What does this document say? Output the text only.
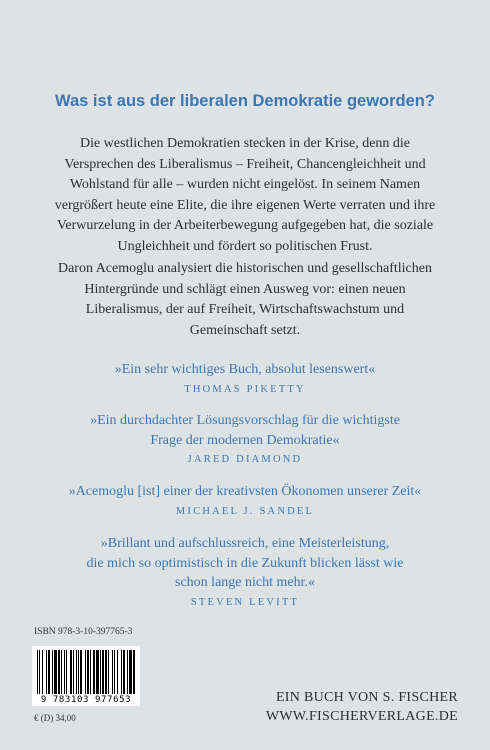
Was ist aus der liberalen Demokratie geworden?
Die westlichen Demokratien stecken in der Krise, denn die
Versprechen des Liberalismus – Freiheit, Chancengleichheit und
Wohlstand für alle – wurden nicht eingelöst. In seinem Namen
vergrößert heute eine Elite, die ihre eigenen Werte verraten und ihre
Verwurzelung in der Arbeiterbewegung aufgegeben hat, die soziale
Ungleichheit und fördert so politischen Frust.
Daron Acemoglu analysiert die historischen und gesellschaftlichen
Hintergründe und schlägt einen Ausweg vor: einen neuen
Liberalismus, der auf Freiheit, Wirtschaftswachstum und
Gemeinschaft setzt.
»Ein sehr wichtiges Buch, absolut lesenswert«
THOMAS PIKETTY
»Ein durchdachter Lösungsvorschlag für die wichtigste
Frage der modernen Demokratie«
JARED DIAMOND
»Acemoglu [ist] einer der kreativsten Ökonomen unserer Zeit«
MICHAEL J. SANDEL
»Brillant und aufschlussreich, eine Meisterleistung,
die mich so optimistisch in die Zukunft blicken lässt wie
schon lange nicht mehr.«
STEVEN LEVITT
ISBN 978-3-10-397765-3
9 783103 977653
€ (D) 34,00
EIN BUCH VON S. FISCHER
WWW.FISCHERVERLAGE.DE
